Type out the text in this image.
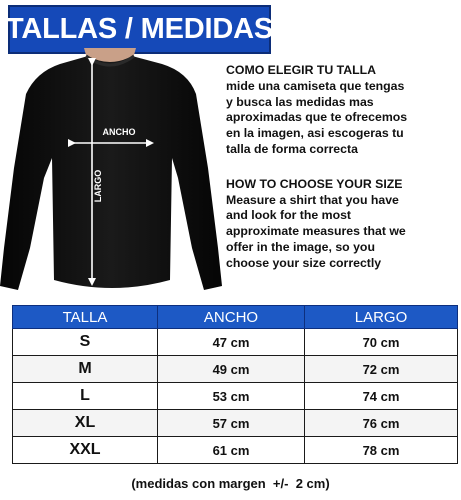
TALLAS / MEDIDAS
ANCHO
LARGO

COMO ELEGIR TU TALLA

mide una camiseta que tengas

y busca las medidas mas

aproximadas que te ofrecemos

en la imagen, asi escogeras tu

talla de forma correcta

HOW TO CHOOSE YOUR SIZE

Measure a shirt that you have

and look for the most

approximate measures that we

offer in the image, so you

choose your size correctly

TALLA	ANCHO	LARGO
S	47 cm	70 cm
M	49 cm	72 cm
L	53 cm	74 cm
XL	57 cm	76 cm
XXL	61 cm	78 cm
(medidas con margen  +/-  2 cm)
